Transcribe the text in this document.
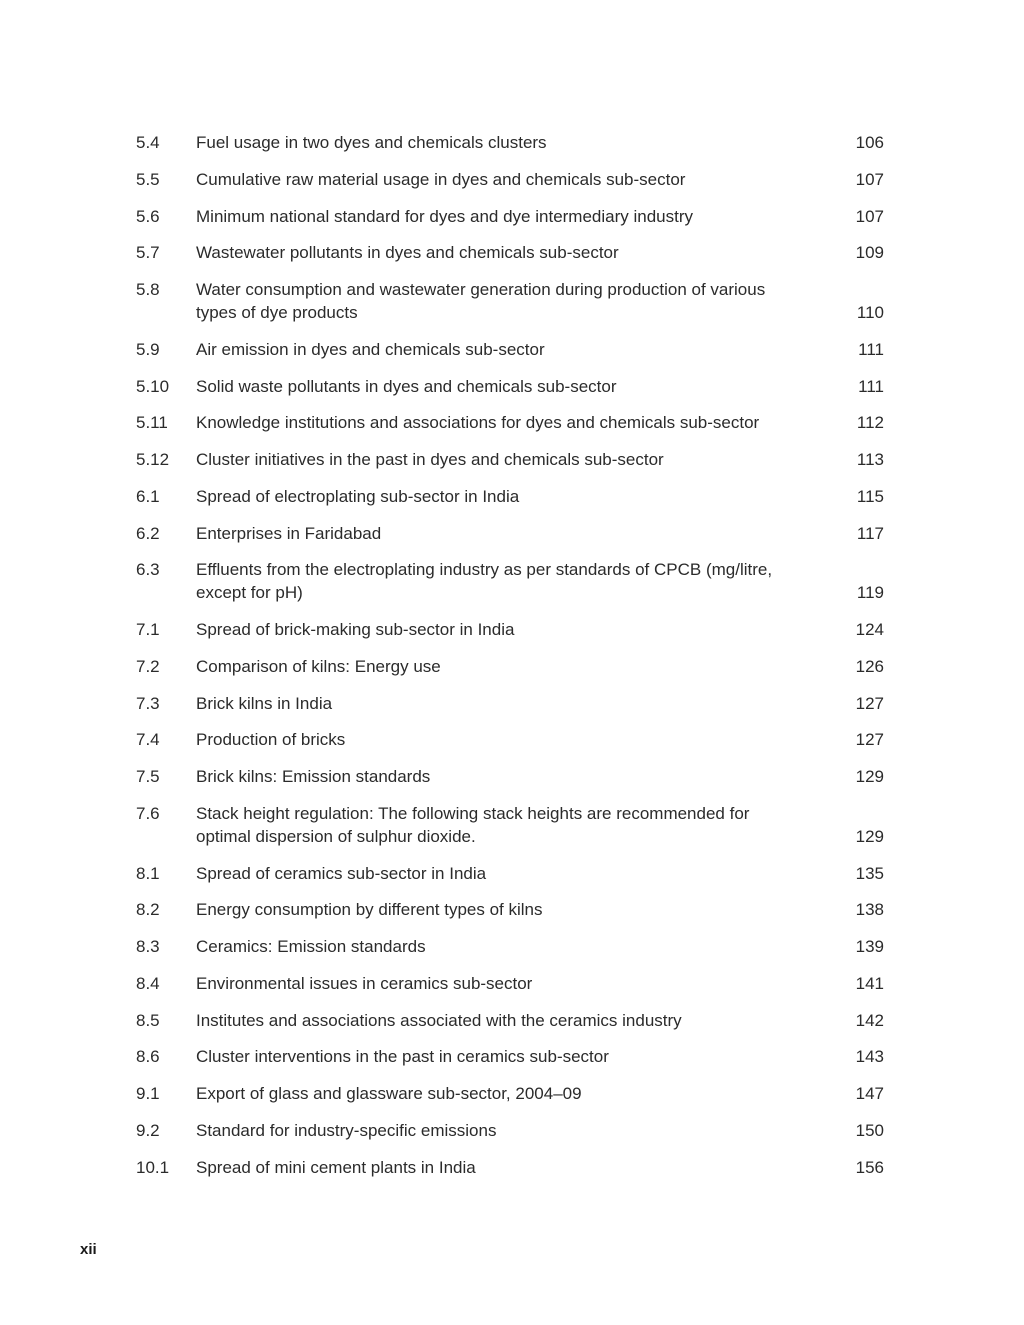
5.4	Fuel usage in two dyes and chemicals clusters	106
5.5	Cumulative raw material usage in dyes and chemicals sub-sector	107
5.6	Minimum national standard for dyes and dye intermediary industry	107
5.7	Wastewater pollutants in dyes and chemicals sub-sector	109
5.8	Water consumption and wastewater generation during production of various types of dye products	110
5.9	Air emission in dyes and chemicals sub-sector	111
5.10	Solid waste pollutants in dyes and chemicals sub-sector	111
5.11	Knowledge institutions and associations for dyes and chemicals sub-sector	112
5.12	Cluster initiatives in the past in dyes and chemicals sub-sector	113
6.1	Spread of electroplating sub-sector in India	115
6.2	Enterprises in Faridabad	117
6.3	Effluents from the electroplating industry as per standards of CPCB (mg/litre, except for pH)	119
7.1	Spread of brick-making sub-sector in India	124
7.2	Comparison of kilns: Energy use	126
7.3	Brick kilns in India	127
7.4	Production of bricks	127
7.5	Brick kilns: Emission standards	129
7.6	Stack height regulation: The following stack heights are recommended for optimal dispersion of sulphur dioxide.	129
8.1	Spread of ceramics sub-sector in India	135
8.2	Energy consumption by different types of kilns	138
8.3	Ceramics: Emission standards	139
8.4	Environmental issues in ceramics sub-sector	141
8.5	Institutes and associations associated with the ceramics industry	142
8.6	Cluster interventions in the past in ceramics sub-sector	143
9.1	Export of glass and glassware sub-sector, 2004–09	147
9.2	Standard for industry-specific emissions	150
10.1	Spread of mini cement plants in India	156
xii
